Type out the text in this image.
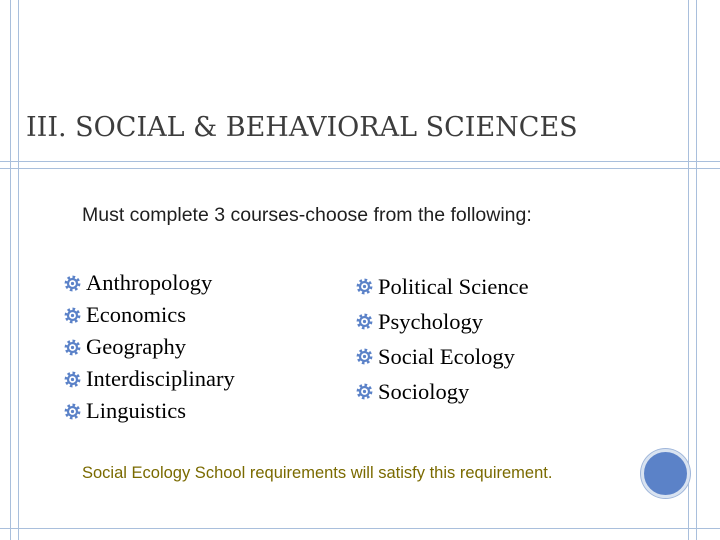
III. SOCIAL & BEHAVIORAL SCIENCES
Must complete 3 courses-choose from the following:
Anthropology
Economics
Geography
Interdisciplinary
Linguistics
Political Science
Psychology
Social Ecology
Sociology
Social Ecology School requirements will satisfy this requirement.
